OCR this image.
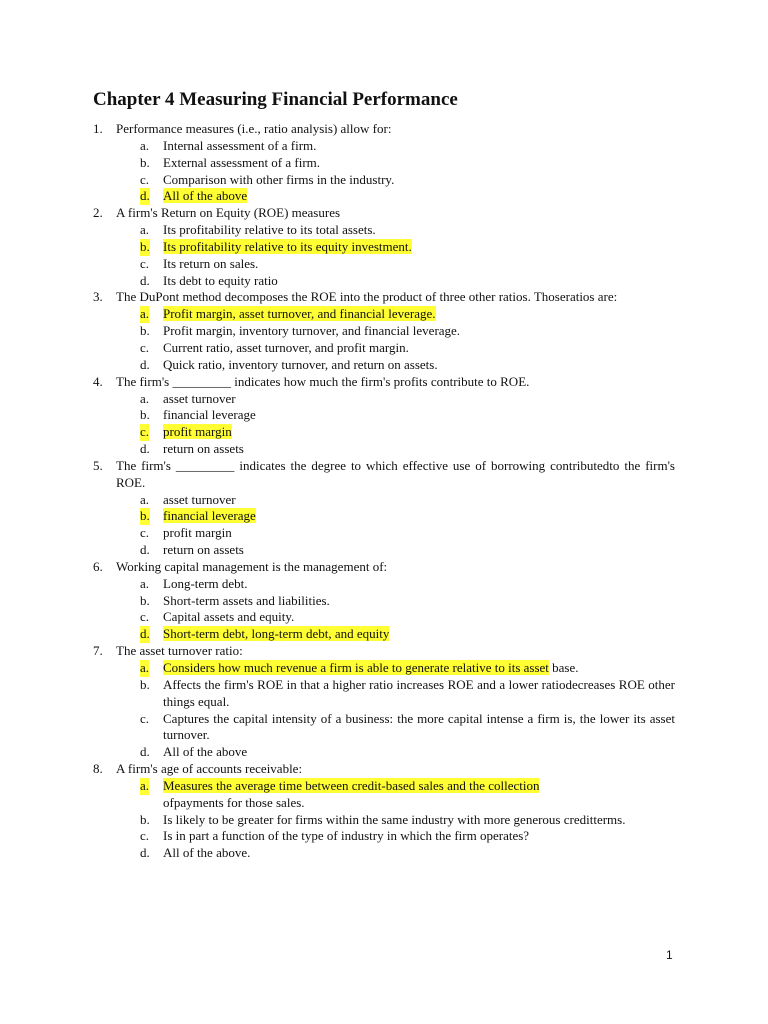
Chapter 4 Measuring Financial Performance
1. Performance measures (i.e., ratio analysis) allow for:
a. Internal assessment of a firm.
b. External assessment of a firm.
c. Comparison with other firms in the industry.
d. All of the above
2. A firm's Return on Equity (ROE) measures
a. Its profitability relative to its total assets.
b. Its profitability relative to its equity investment.
c. Its return on sales.
d. Its debt to equity ratio
3. The DuPont method decomposes the ROE into the product of three other ratios. Thoseratios are:
a. Profit margin, asset turnover, and financial leverage.
b. Profit margin, inventory turnover, and financial leverage.
c. Current ratio, asset turnover, and profit margin.
d. Quick ratio, inventory turnover, and return on assets.
4. The firm's _________ indicates how much the firm's profits contribute to ROE.
a. asset turnover
b. financial leverage
c. profit margin
d. return on assets
5. The firm's _________ indicates the degree to which effective use of borrowing contributedto the firm's ROE.
a. asset turnover
b. financial leverage
c. profit margin
d. return on assets
6. Working capital management is the management of:
a. Long-term debt.
b. Short-term assets and liabilities.
c. Capital assets and equity.
d. Short-term debt, long-term debt, and equity
7. The asset turnover ratio:
a. Considers how much revenue a firm is able to generate relative to its asset base.
b. Affects the firm's ROE in that a higher ratio increases ROE and a lower ratiodecreases ROE other things equal.
c. Captures the capital intensity of a business: the more capital intense a firm is, the lower its asset turnover.
d. All of the above
8. A firm's age of accounts receivable:
a. Measures the average time between credit-based sales and the collection
ofpayments for those sales.
b. Is likely to be greater for firms within the same industry with more generous creditterms.
c. Is in part a function of the type of industry in which the firm operates?
d. All of the above.
1
